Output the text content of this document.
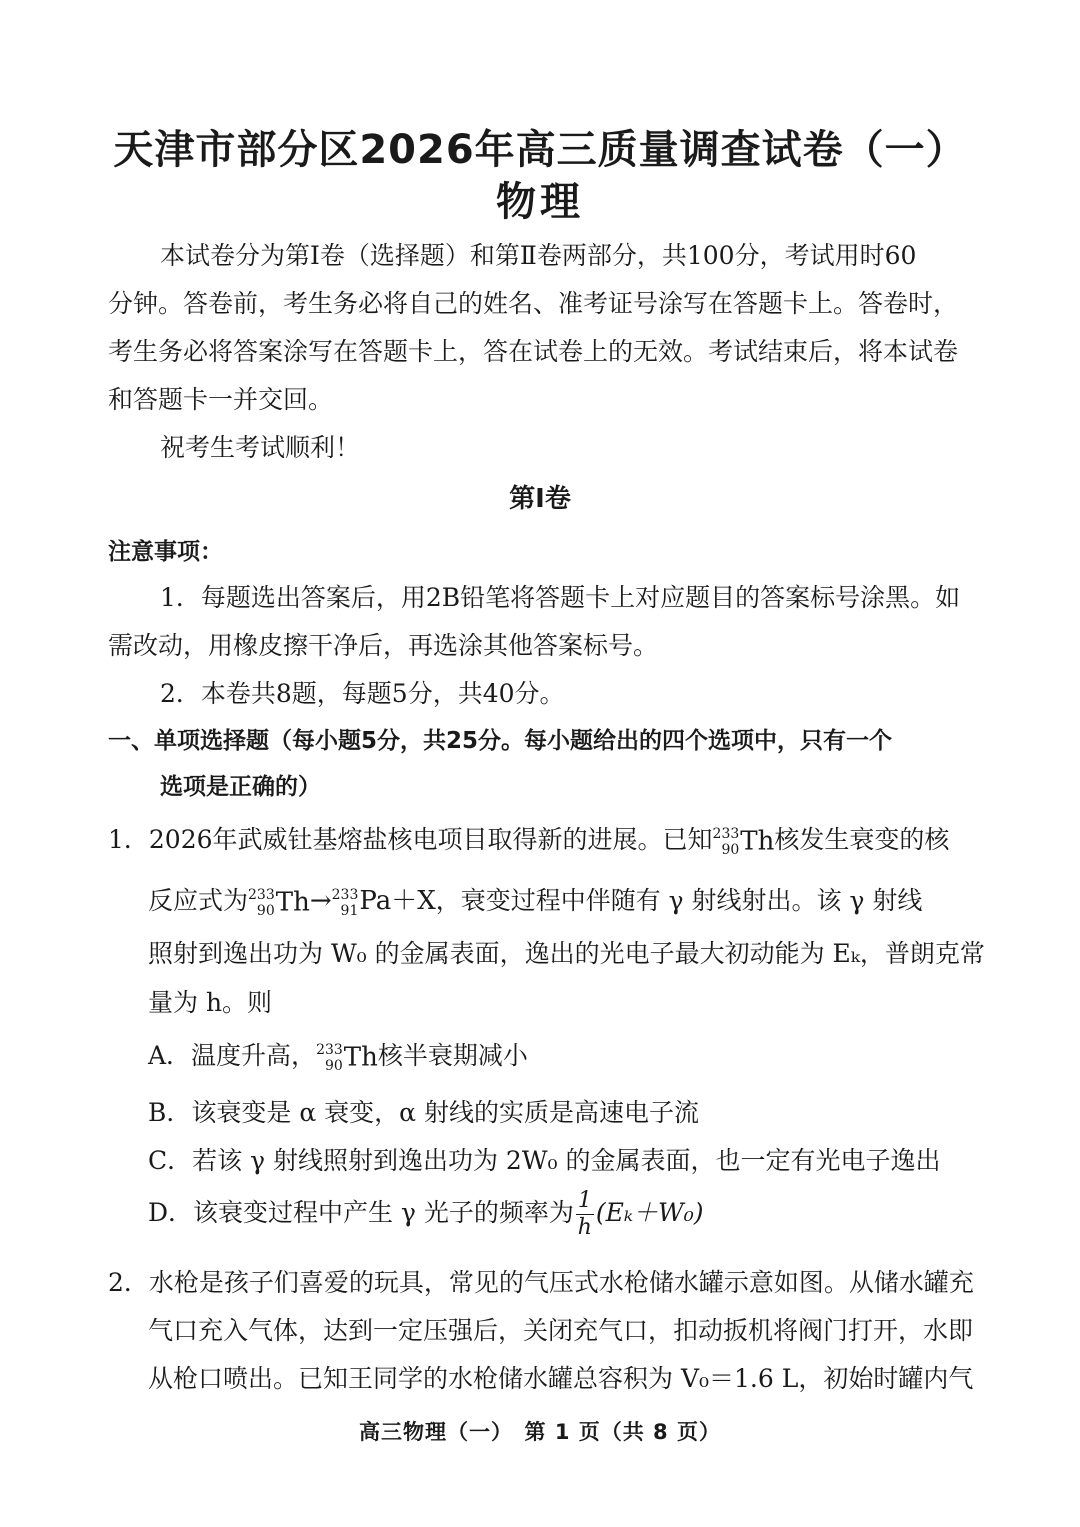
天津市部分区2026年高三质量调查试卷（一）
物理
本试卷分为第Ⅰ卷（选择题）和第Ⅱ卷两部分，共100分，考试用时60
分钟。答卷前，考生务必将自己的姓名、准考证号涂写在答题卡上。答卷时，
考生务必将答案涂写在答题卡上，答在试卷上的无效。考试结束后，将本试卷
和答题卡一并交回。
祝考生考试顺利！
第Ⅰ卷
注意事项：
1．每题选出答案后，用2B铅笔将答题卡上对应题目的答案标号涂黑。如
需改动，用橡皮擦干净后，再选涂其他答案标号。
2．本卷共8题，每题5分，共40分。
一、单项选择题（每小题5分，共25分。每小题给出的四个选项中，只有一个
选项是正确的）
1．2026年武威钍基熔盐核电项目取得新的进展。已知 233
90 Th核发生衰变的核
反应式为 233
90 Th→ 233
91 Pa＋X，衰变过程中伴随有 γ 射线射出。该 γ 射线
照射到逸出功为 W₀ 的金属表面，逸出的光电子最大初动能为 Eₖ，普朗克常
量为 h。则
A．温度升高， 233
90 Th核半衰期减小
B．该衰变是 α 衰变，α 射线的实质是高速电子流
C．若该 γ 射线照射到逸出功为 2W₀ 的金属表面，也一定有光电子逸出
D．该衰变过程中产生 γ 光子的频率为 $\frac{1}{h} (E_k+W_0)$
2．水枪是孩子们喜爱的玩具，常见的气压式水枪储水罐示意如图。从储水罐充
气口充入气体，达到一定压强后，关闭充气口，扣动扳机将阀门打开，水即
从枪口喷出。已知王同学的水枪储水罐总容积为 V₀＝1.6 L，初始时罐内气
高三物理（一）　第 1 页（共 8 页）
